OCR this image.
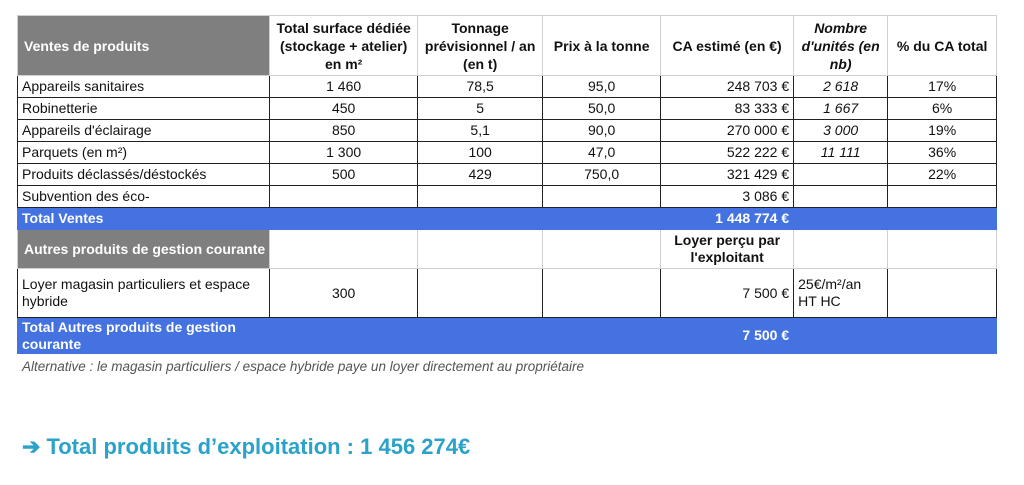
Ventes de produits	Total surface dédiée (stockage + atelier) en m²	Tonnage prévisionnel / an (en t)	Prix à la tonne	CA estimé (en €)	Nombre d'unités (en nb)	% du CA total
Appareils sanitaires	1 460	78,5	95,0	248 703 €	2 618	17%
Robinetterie	450	5	50,0	83 333 €	1 667	6%
Appareils d'éclairage	850	5,1	90,0	270 000 €	3 000	19%
Parquets (en m²)	1 300	100	47,0	522 222 €	11 111	36%
Produits déclassés/déstockés	500	429	750,0	321 429 €		22%
Subvention des éco-				3 086 €		
Total Ventes				1 448 774 €		
Autres produits de gestion courante				Loyer perçu par l'exploitant		
Loyer magasin particuliers et espace hybride	300			7 500 €	25€/m²/an HT HC	
Total Autres produits de gestion courante				7 500 €		
Alternative : le magasin particuliers / espace hybride paye un loyer directement au propriétaire
➔ Total produits d’exploitation : 1 456 274€
